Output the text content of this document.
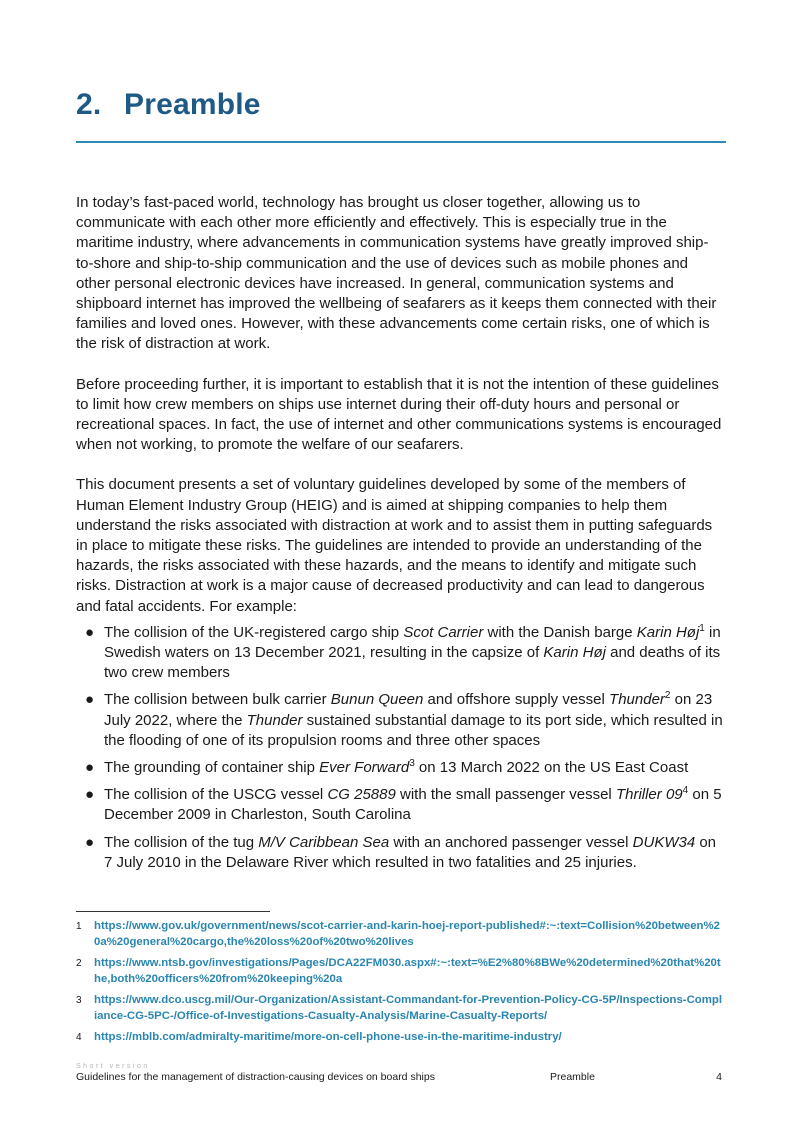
2. Preamble

In today’s fast-paced world, technology has brought us closer together, allowing us to communicate with each other more efficiently and effectively. This is especially true in the maritime industry, where advancements in communication systems have greatly improved ship-to-shore and ship-to-ship communication and the use of devices such as mobile phones and other personal electronic devices have increased. In general, communication systems and shipboard internet has improved the wellbeing of seafarers as it keeps them connected with their families and loved ones. However, with these advancements come certain risks, one of which is the risk of distraction at work.

Before proceeding further, it is important to establish that it is not the intention of these guidelines to limit how crew members on ships use internet during their off-duty hours and personal or recreational spaces. In fact, the use of internet and other communications systems is encouraged when not working, to promote the welfare of our seafarers.

This document presents a set of voluntary guidelines developed by some of the members of Human Element Industry Group (HEIG) and is aimed at shipping companies to help them understand the risks associated with distraction at work and to assist them in putting safeguards in place to mitigate these risks. The guidelines are intended to provide an understanding of the hazards, the risks associated with these hazards, and the means to identify and mitigate such risks. Distraction at work is a major cause of decreased productivity and can lead to dangerous and fatal accidents. For example:

● The collision of the UK-registered cargo ship Scot Carrier with the Danish barge Karin Høj$^1$ in Swedish waters on 13 December 2021, resulting in the capsize of Karin Høj and deaths of its two crew members
● The collision between bulk carrier Bunun Queen and offshore supply vessel Thunder$^2$ on 23 July 2022, where the Thunder sustained substantial damage to its port side, which resulted in the flooding of one of its propulsion rooms and three other spaces
● The grounding of container ship Ever Forward$^3$ on 13 March 2022 on the US East Coast
● The collision of the USCG vessel CG 25889 with the small passenger vessel Thriller $09^4$ on 5 December 2009 in Charleston, South Carolina
● The collision of the tug M/V Caribbean Sea with an anchored passenger vessel DUKW34 on 7 July 2010 in the Delaware River which resulted in two fatalities and 25 injuries.
1 https://www.gov.uk/government/news/scot-carrier-and-karin-hoej-report-published#:~:text=Collision%20between%20a%20general%20cargo,the%20loss%20of%20two%20lives
2 https://www.ntsb.gov/investigations/Pages/DCA22FM030.aspx#:~:text=%E2%80%8BWe%20determined%20that%20the,both%20officers%20from%20keeping%20a
3 https://www.dco.uscg.mil/Our-Organization/Assistant-Commandant-for-Prevention-Policy-CG-5P/Inspections-Compliance-CG-5PC-/Office-of-Investigations-Casualty-Analysis/Marine-Casualty-Reports/
4 https://mblb.com/admiralty-maritime/more-on-cell-phone-use-in-the-maritime-industry/
Short version
Guidelines for the management of distraction-causing devices on board ships	Preamble	4
